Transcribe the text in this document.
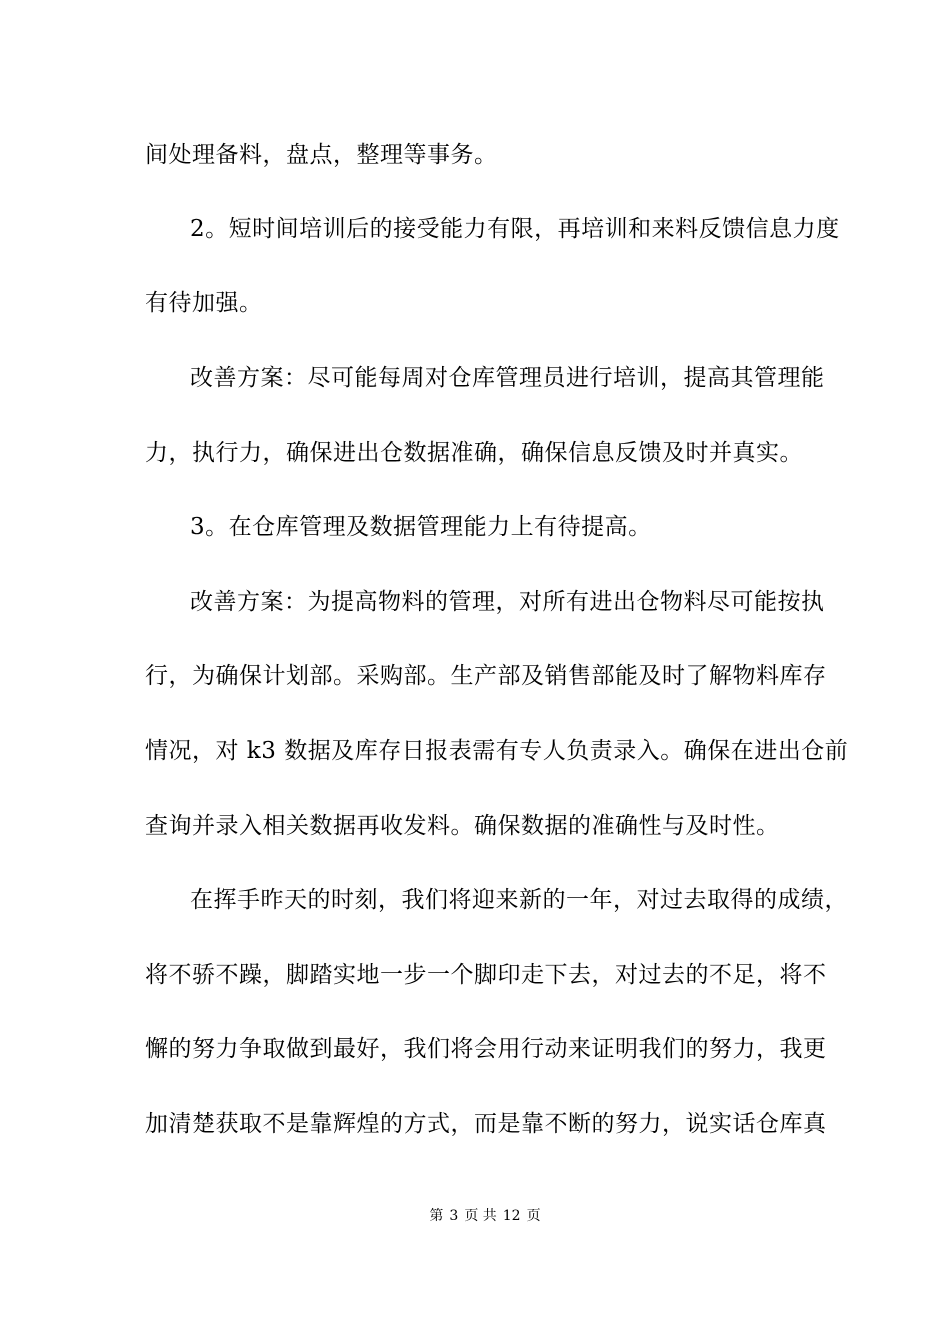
间处理备料，盘点，整理等事务。
2。短时间培训后的接受能力有限，再培训和来料反馈信息力度
有待加强。
改善方案：尽可能每周对仓库管理员进行培训，提高其管理能
力，执行力，确保进出仓数据准确，确保信息反馈及时并真实。
3。在仓库管理及数据管理能力上有待提高。
改善方案：为提高物料的管理，对所有进出仓物料尽可能按执
行，为确保计划部。采购部。生产部及销售部能及时了解物料库存
情况，对 k3 数据及库存日报表需有专人负责录入。确保在进出仓前
查询并录入相关数据再收发料。确保数据的准确性与及时性。
在挥手昨天的时刻，我们将迎来新的一年，对过去取得的成绩，
将不骄不躁，脚踏实地一步一个脚印走下去，对过去的不足，将不
懈的努力争取做到最好，我们将会用行动来证明我们的努力，我更
加清楚获取不是靠辉煌的方式，而是靠不断的努力，说实话仓库真
第 3 页 共 12 页
